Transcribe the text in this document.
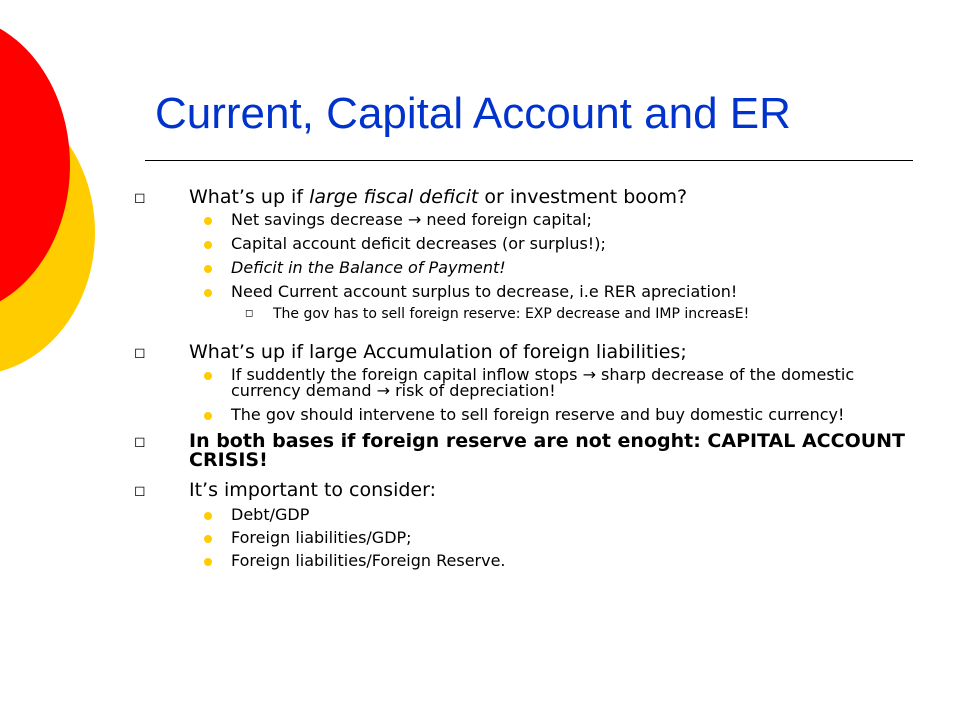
Current, Capital Account and ER
◻ What’s up if large fiscal deficit or investment boom?
Net savings decrease → need foreign capital;
Capital account deficit decreases (or surplus!);
Deficit in the Balance of Payment!
Need Current account surplus to decrease, i.e RER apreciation!
◻ The gov has to sell foreign reserve: EXP decrease and IMP increasE!
◻ What’s up if large Accumulation of foreign liabilities;
If suddently the foreign capital inflow stops → sharp decrease of the domestic currency demand → risk of depreciation!
The gov should intervene to sell foreign reserve and buy domestic currency!
◻ In both bases if foreign reserve are not enoght: CAPITAL ACCOUNT CRISIS!
◻ It’s important to consider:
Debt/GDP
Foreign liabilities/GDP;
Foreign liabilities/Foreign Reserve.
